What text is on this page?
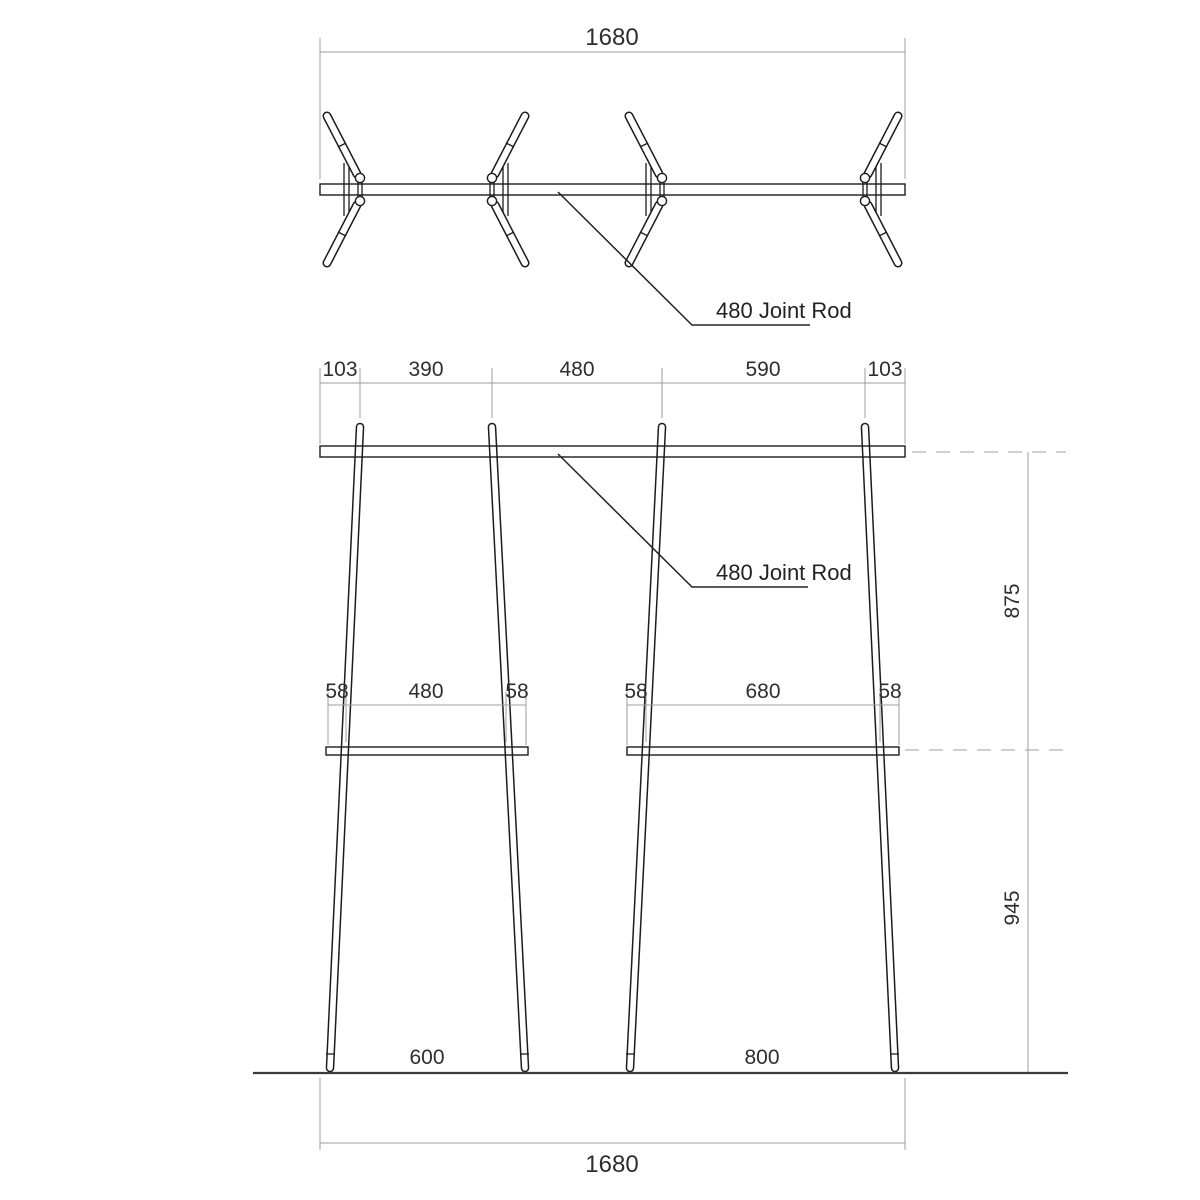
1680
480 Joint Rod
103 390	480	590	103
480 Joint Rod
58	480	58	58	680	58
875
945
600	800
1680
